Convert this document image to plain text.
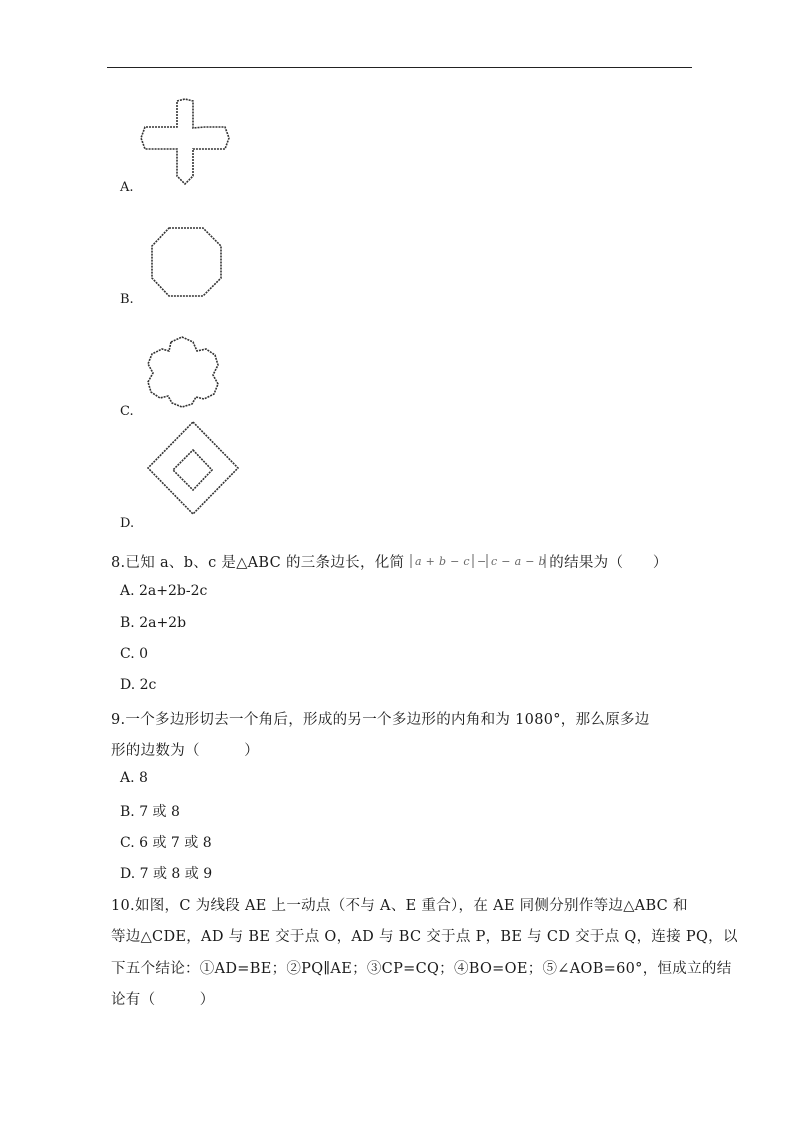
A.
B.
C.
D.
8.已知 a、b、c 是△ABC 的三条边长，化简 a + b − c − c − a − b 的结果为（　　）
A. 2a+2b-2c
B. 2a+2b
C. 0
D. 2c
9.一个多边形切去一个角后，形成的另一个多边形的内角和为 1080°，那么原多边
形的边数为（　　　）
A. 8
B. 7 或 8
C. 6 或 7 或 8
D. 7 或 8 或 9
10.如图，C 为线段 AE 上一动点（不与 A、E 重合），在 AE 同侧分别作等边△ABC 和
等边△CDE，AD 与 BE 交于点 O，AD 与 BC 交于点 P，BE 与 CD 交于点 Q，连接 PQ，以
下五个结论：①AD=BE；②PQ∥AE；③CP=CQ；④BO=OE；⑤∠AOB=60°，恒成立的结
论有（　　　）
